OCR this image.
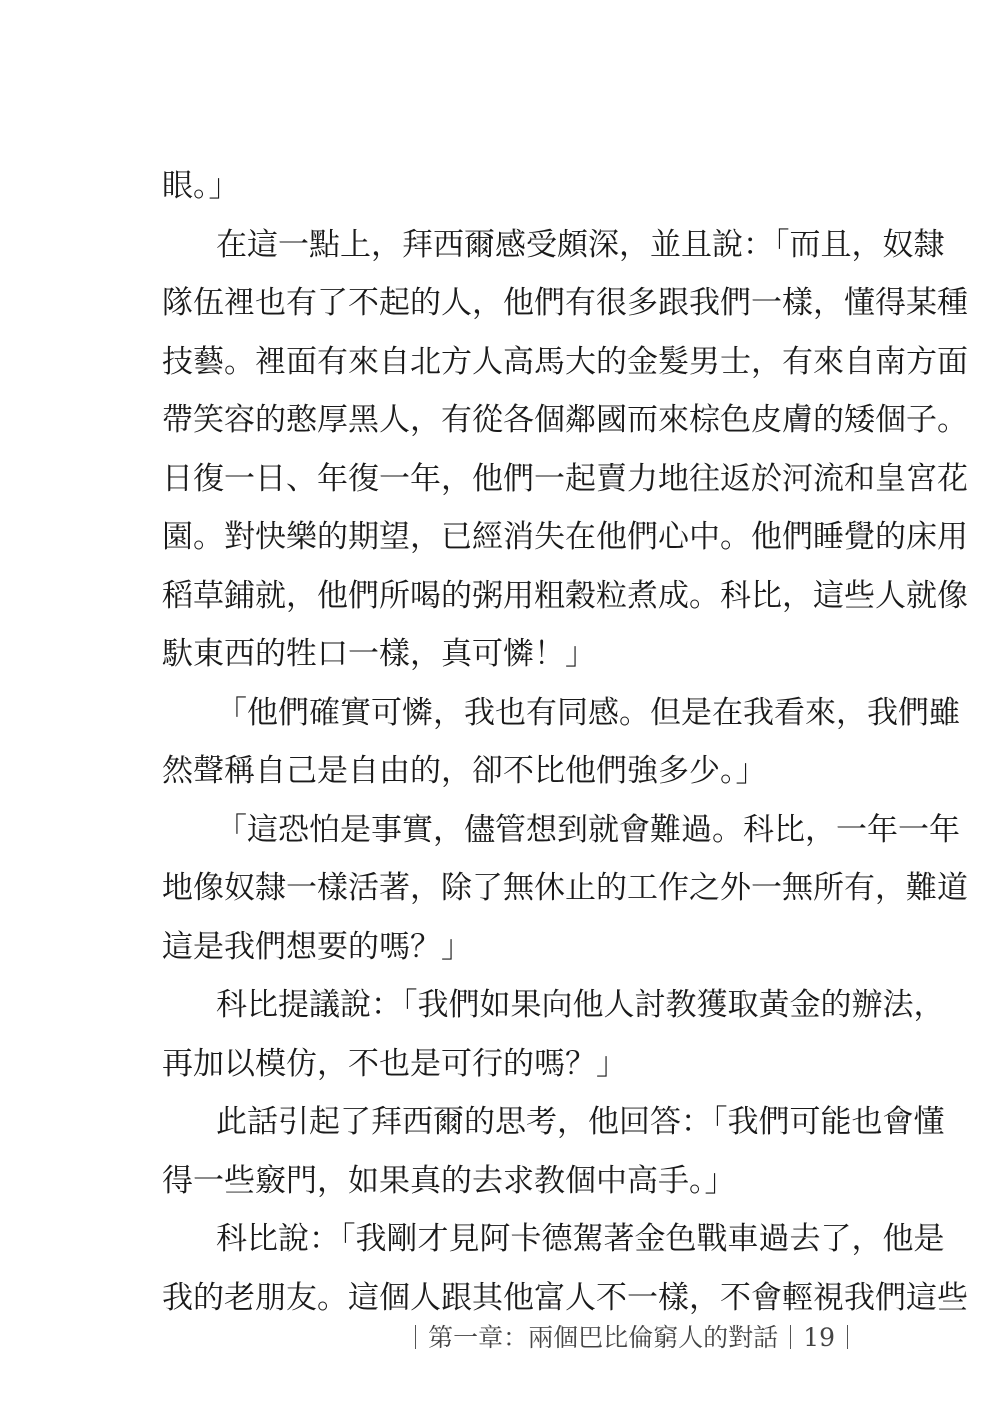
眼。」
在這一點上，拜西爾感受頗深，並且說：「而且，奴隸
隊伍裡也有了不起的人，他們有很多跟我們一樣，懂得某種
技藝。裡面有來自北方人高馬大的金髮男士，有來自南方面
帶笑容的憨厚黑人，有從各個鄰國而來棕色皮膚的矮個子。
日復一日、年復一年，他們一起賣力地往返於河流和皇宮花
園。對快樂的期望，已經消失在他們心中。他們睡覺的床用
稻草鋪就，他們所喝的粥用粗穀粒煮成。科比，這些人就像
馱東西的牲口一樣，真可憐！」
「他們確實可憐，我也有同感。但是在我看來，我們雖
然聲稱自己是自由的，卻不比他們強多少。」
「這恐怕是事實，儘管想到就會難過。科比，一年一年
地像奴隸一樣活著，除了無休止的工作之外一無所有，難道
這是我們想要的嗎？」
科比提議說：「我們如果向他人討教獲取黃金的辦法，
再加以模仿，不也是可行的嗎？」
此話引起了拜西爾的思考，他回答：「我們可能也會懂
得一些竅門，如果真的去求教個中高手。」
科比說：「我剛才見阿卡德駕著金色戰車過去了，他是
我的老朋友。這個人跟其他富人不一樣，不會輕視我們這些
第一章：兩個巴比倫窮人的對話 19
